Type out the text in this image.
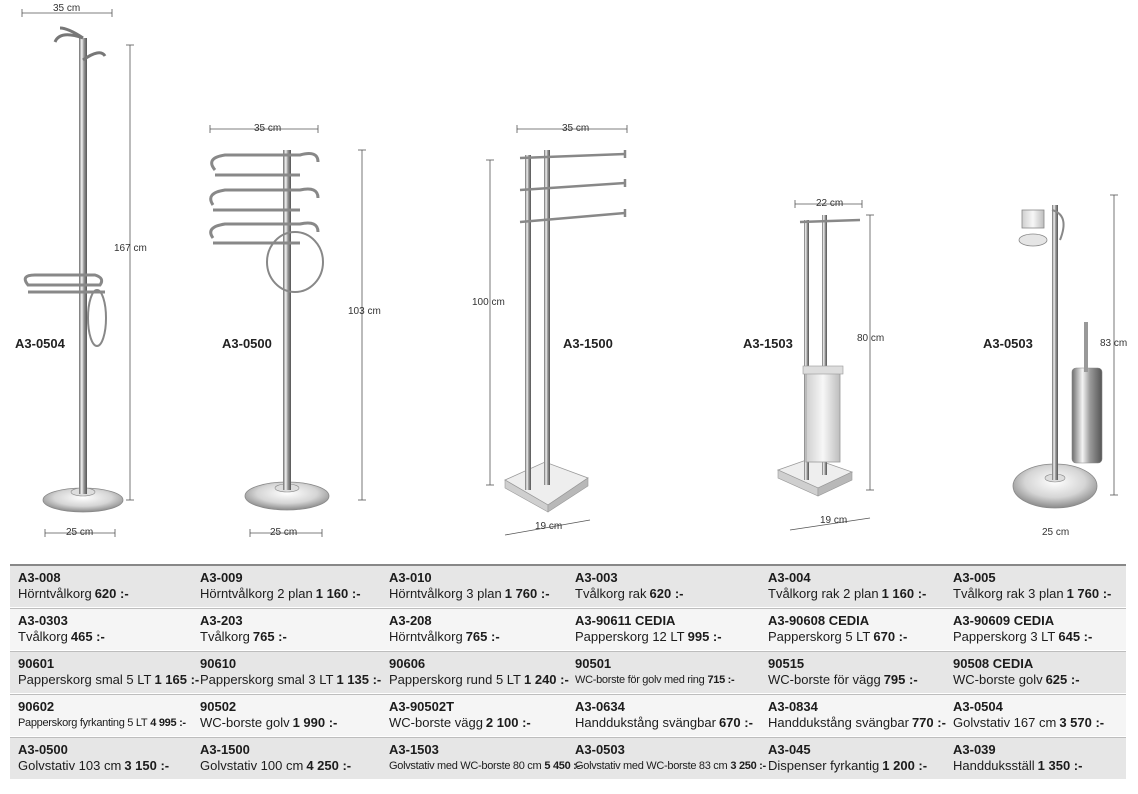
35 cm
25 cm
167 cm
A3-0504
35 cm
25 cm
103 cm
A3-0500
35 cm
19 cm
100 cm
A3-1500
22 cm
19 cm
80 cm
A3-1503
25 cm
83 cm
A3-0503
A3-008
Hörntvålkorg 620 :-
A3-009
Hörntvålkorg 2 plan 1 160 :-
A3-010
Hörntvålkorg 3 plan 1 760 :-
A3-003
Tvålkorg rak 620 :-
A3-004
Tvålkorg rak 2 plan 1 160 :-
A3-005
Tvålkorg rak 3 plan 1 760 :-
A3-0303
Tvålkorg 465 :-
A3-203
Tvålkorg 765 :-
A3-208
Hörntvålkorg 765 :-
A3-90611 CEDIA
Papperskorg 12 LT 995 :-
A3-90608 CEDIA
Papperskorg 5 LT 670 :-
A3-90609 CEDIA
Papperskorg 3 LT 645 :-
90601
Papperskorg smal 5 LT 1 165 :-
90610
Papperskorg smal 3 LT 1 135 :-
90606
Papperskorg rund 5 LT 1 240 :-
90501
WC-borste för golv med ring 715 :-
90515
WC-borste för vägg 795 :-
90508 CEDIA
WC-borste golv 625 :-
90602
Papperskorg fyrkanting 5 LT 4 995 :-
90502
WC-borste golv 1 990 :-
A3-90502T
WC-borste vägg 2 100 :-
A3-0634
Handdukstång svängbar 670 :-
A3-0834
Handdukstång svängbar 770 :-
A3-0504
Golvstativ 167 cm 3 570 :-
A3-0500
Golvstativ 103 cm 3 150 :-
A3-1500
Golvstativ 100 cm 4 250 :-
A3-1503
Golvstativ med WC-borste 80 cm 5 450 :-
A3-0503
Golvstativ med WC-borste 83 cm 3 250 :-
A3-045
Dispenser fyrkantig 1 200 :-
A3-039
Handduksställ 1 350 :-
